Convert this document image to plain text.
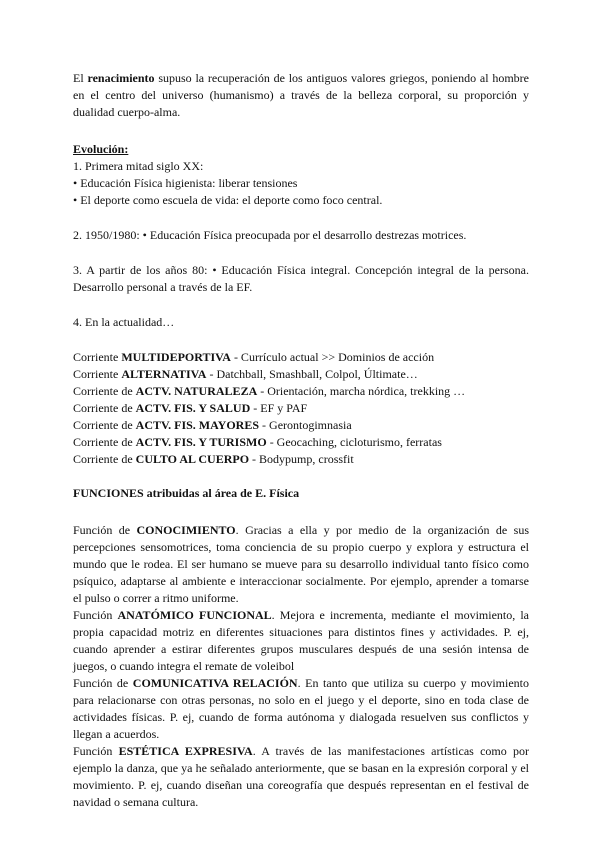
El renacimiento supuso la recuperación de los antiguos valores griegos, poniendo al hombre en el centro del universo (humanismo) a través de la belleza corporal, su proporción y dualidad cuerpo-alma.

Evolución:

1. Primera mitad siglo XX:

• Educación Física higienista: liberar tensiones

• El deporte como escuela de vida: el deporte como foco central.

2. 1950/1980: • Educación Física preocupada por el desarrollo destrezas motrices.

3. A partir de los años 80: • Educación Física integral. Concepción integral de la persona. Desarrollo personal a través de la EF.

4. En la actualidad…

Corriente MULTIDEPORTIVA - Currículo actual >> Dominios de acción

Corriente ALTERNATIVA - Datchball, Smashball, Colpol, Últimate…

Corriente de ACTV. NATURALEZA - Orientación, marcha nórdica, trekking …

Corriente de ACTV. FIS. Y SALUD - EF y PAF

Corriente de ACTV. FIS. MAYORES - Gerontogimnasia

Corriente de ACTV. FIS. Y TURISMO - Geocaching, cicloturismo, ferratas

Corriente de CULTO AL CUERPO - Bodypump, crossfit

FUNCIONES atribuidas al área de E. Física

Función de CONOCIMIENTO. Gracias a ella y por medio de la organización de sus percepciones sensomotrices, toma conciencia de su propio cuerpo y explora y estructura el mundo que le rodea. El ser humano se mueve para su desarrollo individual tanto físico como psíquico, adaptarse al ambiente e interaccionar socialmente. Por ejemplo, aprender a tomarse el pulso o correr a ritmo uniforme.

Función ANATÓMICO FUNCIONAL. Mejora e incrementa, mediante el movimiento, la propia capacidad motriz en diferentes situaciones para distintos fines y actividades. P. ej, cuando aprender a estirar diferentes grupos musculares después de una sesión intensa de juegos, o cuando integra el remate de voleibol

Función de COMUNICATIVA RELACIÓN. En tanto que utiliza su cuerpo y movimiento para relacionarse con otras personas, no solo en el juego y el deporte, sino en toda clase de actividades físicas. P. ej, cuando de forma autónoma y dialogada resuelven sus conflictos y llegan a acuerdos.

Función ESTÉTICA EXPRESIVA. A través de las manifestaciones artísticas como por ejemplo la danza, que ya he señalado anteriormente, que se basan en la expresión corporal y el movimiento. P. ej, cuando diseñan una coreografía que después representan en el festival de navidad o semana cultura.
